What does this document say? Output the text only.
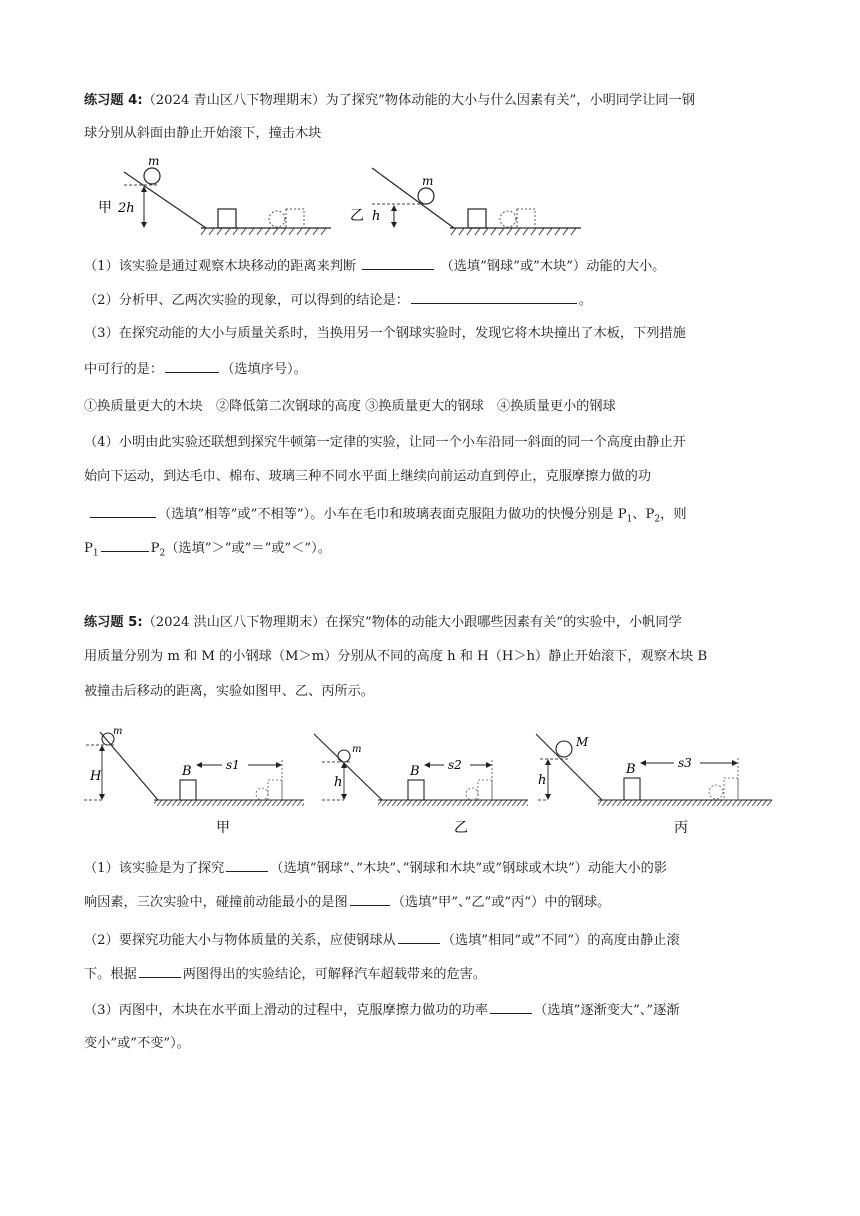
练习题 4:（2024 青山区八下物理期末）为了探究”物体动能的大小与什么因素有关”，小明同学让同一钢
球分别从斜面由静止开始滚下，撞击木块
m
甲 2h
m
乙 h
（1）该实验是通过观察木块移动的距离来判断	（选填”钢球”或”木块”）动能的大小。
（2）分析甲、乙两次实验的现象，可以得到的结论是：	。
（3）在探究动能的大小与质量关系时，当换用另一个钢球实验时，发现它将木块撞出了木板，下列措施
中可行的是：	（选填序号）。
①换质量更大的木块　②降低第二次钢球的高度 ③换质量更大的钢球　④换质量更小的钢球
（4）小明由此实验还联想到探究牛顿第一定律的实验，让同一个小车沿同一斜面的同一个高度由静止开
始向下运动，到达毛巾、棉布、玻璃三种不同水平面上继续向前运动直到停止，克服摩擦力做的功
（选填”相等”或”不相等”）。小车在毛巾和玻璃表面克服阻力做功的快慢分别是 $P_1$、$P_2$，则
$P_1$	$P_2$（选填”＞”或”＝”或”＜”）。
练习题 5:（2024 洪山区八下物理期末）在探究”物体的动能大小跟哪些因素有关”的实验中，小帆同学
用质量分别为 m 和 M 的小钢球（M＞m）分别从不同的高度 h 和 H（H＞h）静止开始滚下，观察木块 B
被撞击后移动的距离，实验如图甲、乙、丙所示。
m
H	B	s1
甲
m
h
B s2
乙
M
h
B	s3
丙
（1）该实验是为了探究	（选填”钢球”、”木块”、”钢球和木块”或”钢球或木块”）动能大小的影
响因素，三次实验中，碰撞前动能最小的是图	（选填”甲”、”乙”或”丙”）中的钢球。
（2）要探究功能大小与物体质量的关系，应使钢球从	（选填”相同”或”不同”）的高度由静止滚
下。根据	两图得出的实验结论，可解释汽车超载带来的危害。
（3）丙图中，木块在水平面上滑动的过程中，克服摩擦力做功的功率	（选填”逐渐变大”、”逐渐
变小”或”不变”）。
